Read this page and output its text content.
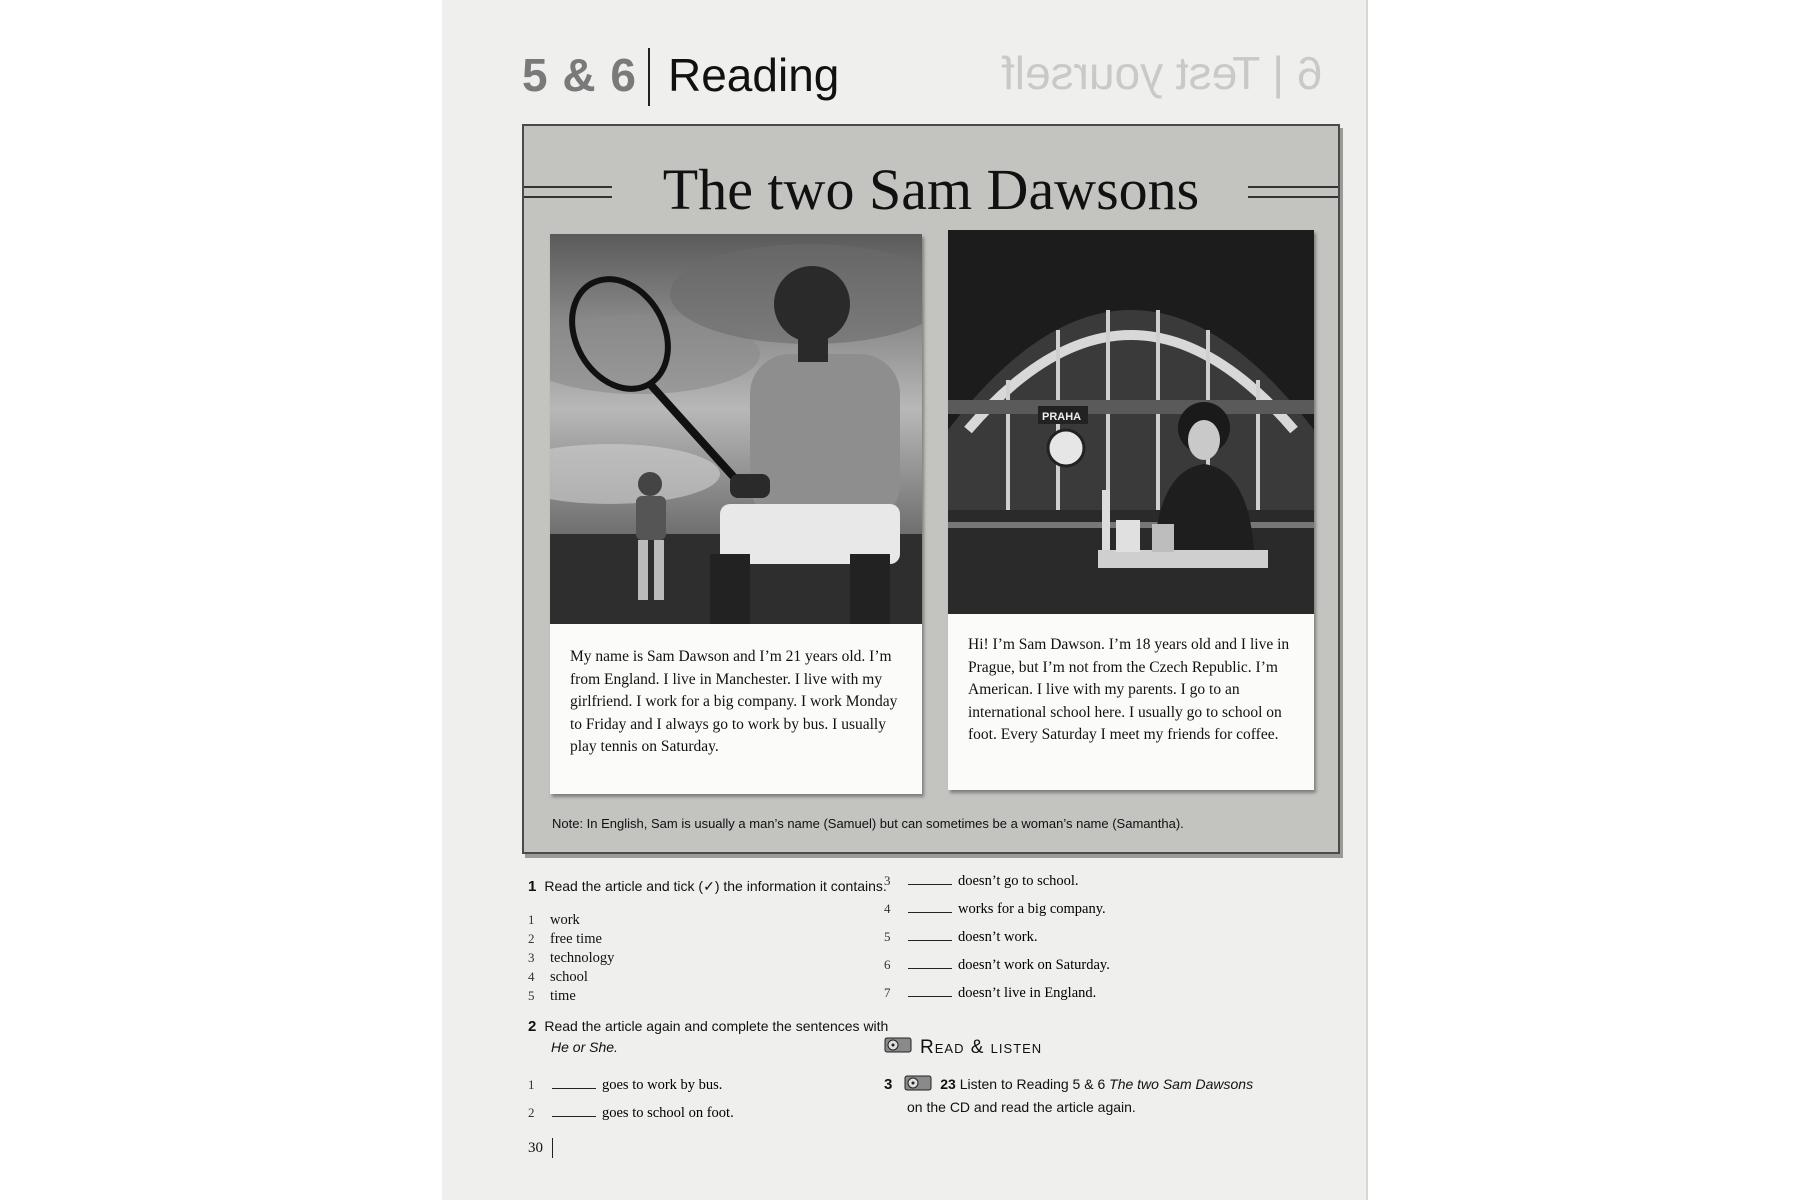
6 | Test yourself
5 & 6 Reading
The two Sam Dawsons
My name is Sam Dawson and I’m 21 years old. I’m from England. I live in Manchester. I live with my girlfriend. I work for a big company. I work Monday to Friday and I always go to work by bus. I usually play tennis on Saturday.
PRAHA
Hi! I’m Sam Dawson. I’m 18 years old and I live in Prague, but I’m not from the Czech Republic. I’m American. I live with my parents. I go to an international school here. I usually go to school on foot. Every Saturday I meet my friends for coffee.
Note: In English, Sam is usually a man’s name (Samuel) but can sometimes be a woman’s name (Samantha).
1 Read the article and tick (✓) the information it contains.
1	work
2	free time
3	technology
4	school
5	time
2 Read the article again and complete the sentences with
He or She.
1	goes to work by bus.
2	goes to school on foot.
3	doesn’t go to school.
4	works for a big company.
5	doesn’t work.
6	doesn’t work on Saturday.
7	doesn’t live in England.
Read & listen
3	23 Listen to Reading 5 & 6 The two Sam Dawsons
on the CD and read the article again.
30
